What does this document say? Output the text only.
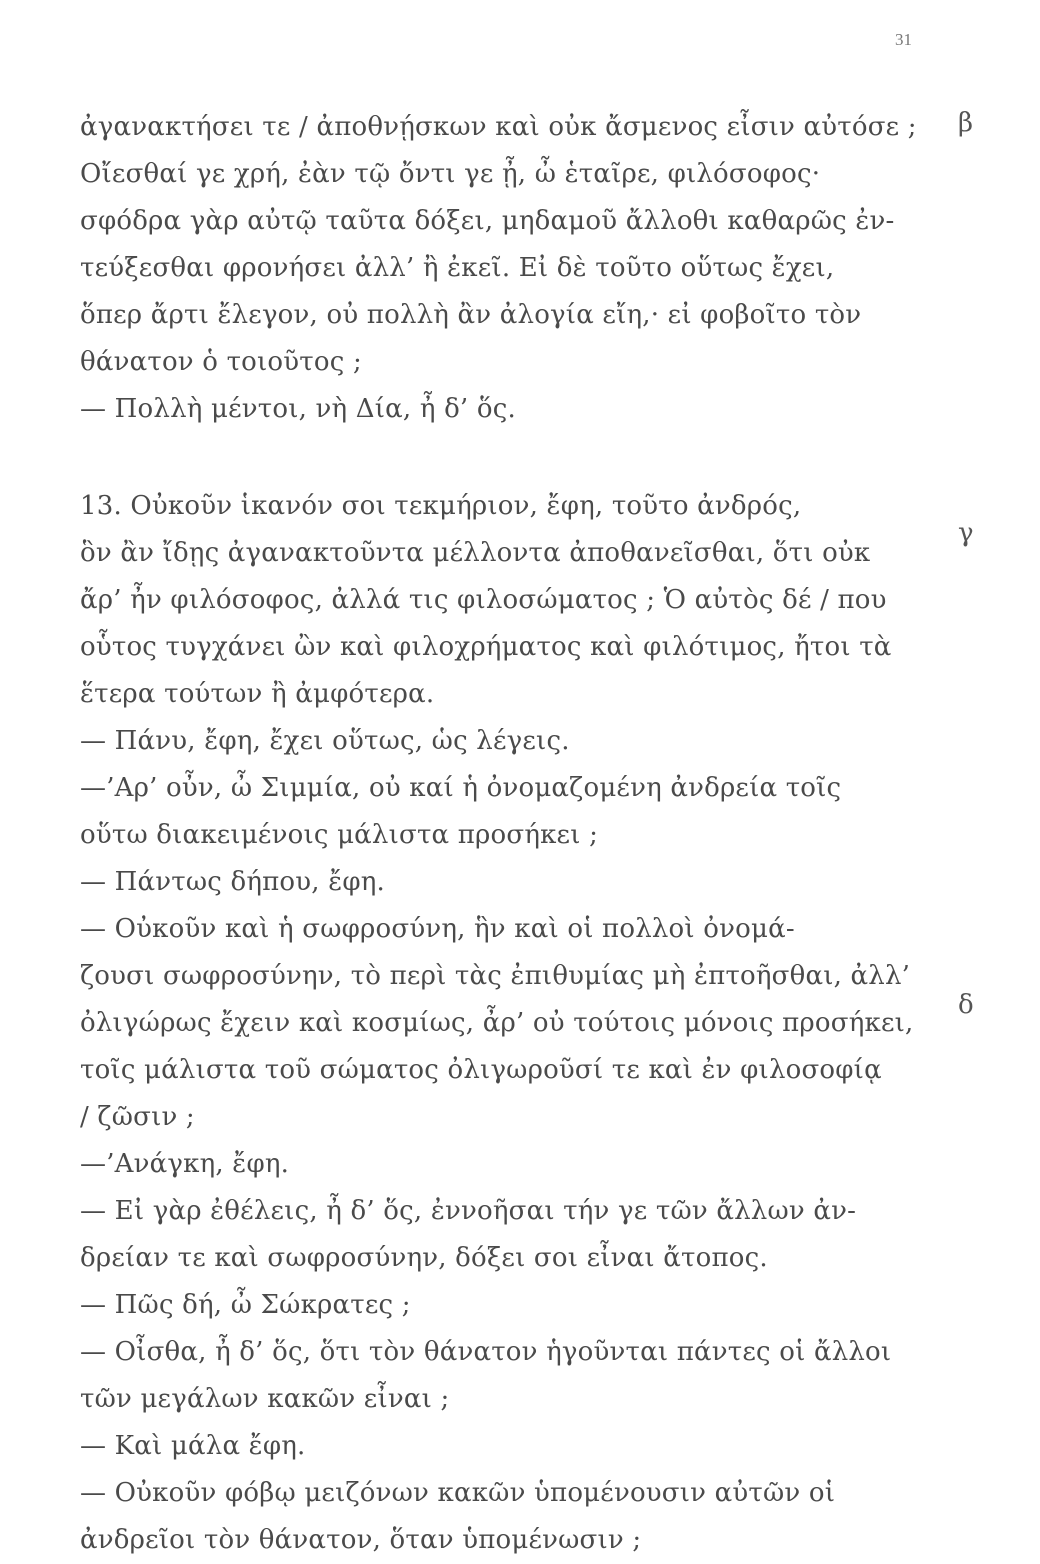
31
β
γ
δ
ἀγανακτήσει τε / ἀποθνῄσκων καὶ οὐκ ἄσμενος εἶσιν αὐτόσε ;
Οἴεσθαί γε χρή, ἐὰν τῷ ὄντι γε ᾖ, ὦ ἑταῖρε, φιλόσοφος·
σφόδρα γὰρ αὐτῷ ταῦτα δόξει, μηδαμοῦ ἄλλοθι καθαρῶς ἐν-
τεύξεσθαι φρονήσει ἀλλ’ ἢ ἐκεῖ. Εἰ δὲ τοῦτο οὕτως ἔχει,
ὅπερ ἄρτι ἔλεγον, οὐ πολλὴ ἂν ἀλογία εἴη,· εἰ φοβοῖτο τὸν
θάνατον ὁ τοιοῦτος ;
— Πολλὴ μέντοι, νὴ Δία, ἦ δ’ ὅς.
13. Οὐκοῦν ἱκανόν σοι τεκμήριον, ἔφη, τοῦτο ἀνδρός,
ὃν ἂν ἴδῃς ἀγανακτοῦντα μέλλοντα ἀποθανεῖσθαι, ὅτι οὐκ
ἄρ’ ἦν φιλόσοφος, ἀλλά τις φιλοσώματος ; Ὁ αὐτὸς δέ / που
οὗτος τυγχάνει ὢν καὶ φιλοχρήματος καὶ φιλότιμος, ἤτοι τὰ
ἕτερα τούτων ἢ ἀμφότερα.
— Πάνυ, ἔφη, ἔχει οὕτως, ὡς λέγεις.
—’Αρ’ οὖν, ὦ Σιμμία, οὐ καί ἡ ὀνομαζομένη ἀνδρεία τοῖς
οὕτω διακειμένοις μάλιστα προσήκει ;
— Πάντως δήπου, ἔφη.
— Οὐκοῦν καὶ ἡ σωφροσύνη, ἣν καὶ οἱ πολλοὶ ὀνομά-
ζουσι σωφροσύνην, τὸ περὶ τὰς ἐπιθυμίας μὴ ἐπτοῆσθαι, ἀλλ’
ὀλιγώρως ἔχειν καὶ κοσμίως, ἆρ’ οὐ τούτοις μόνοις προσήκει,
τοῖς μάλιστα τοῦ σώματος ὀλιγωροῦσί τε καὶ ἐν φιλοσοφίᾳ
/ ζῶσιν ;
—’Ανάγκη, ἔφη.
— Εἰ γὰρ ἐθέλεις, ἦ δ’ ὅς, ἐννοῆσαι τήν γε τῶν ἄλλων ἀν-
δρείαν τε καὶ σωφροσύνην, δόξει σοι εἶναι ἄτοπος.
— Πῶς δή, ὦ Σώκρατες ;
— Οἶσθα, ἦ δ’ ὅς, ὅτι τὸν θάνατον ἡγοῦνται πάντες οἱ ἄλλοι
τῶν μεγάλων κακῶν εἶναι ;
— Καὶ μάλα ἔφη.
— Οὐκοῦν φόβῳ μειζόνων κακῶν ὑπομένουσιν αὐτῶν οἱ
ἀνδρεῖοι τὸν θάνατον, ὅταν ὑπομένωσιν ;
